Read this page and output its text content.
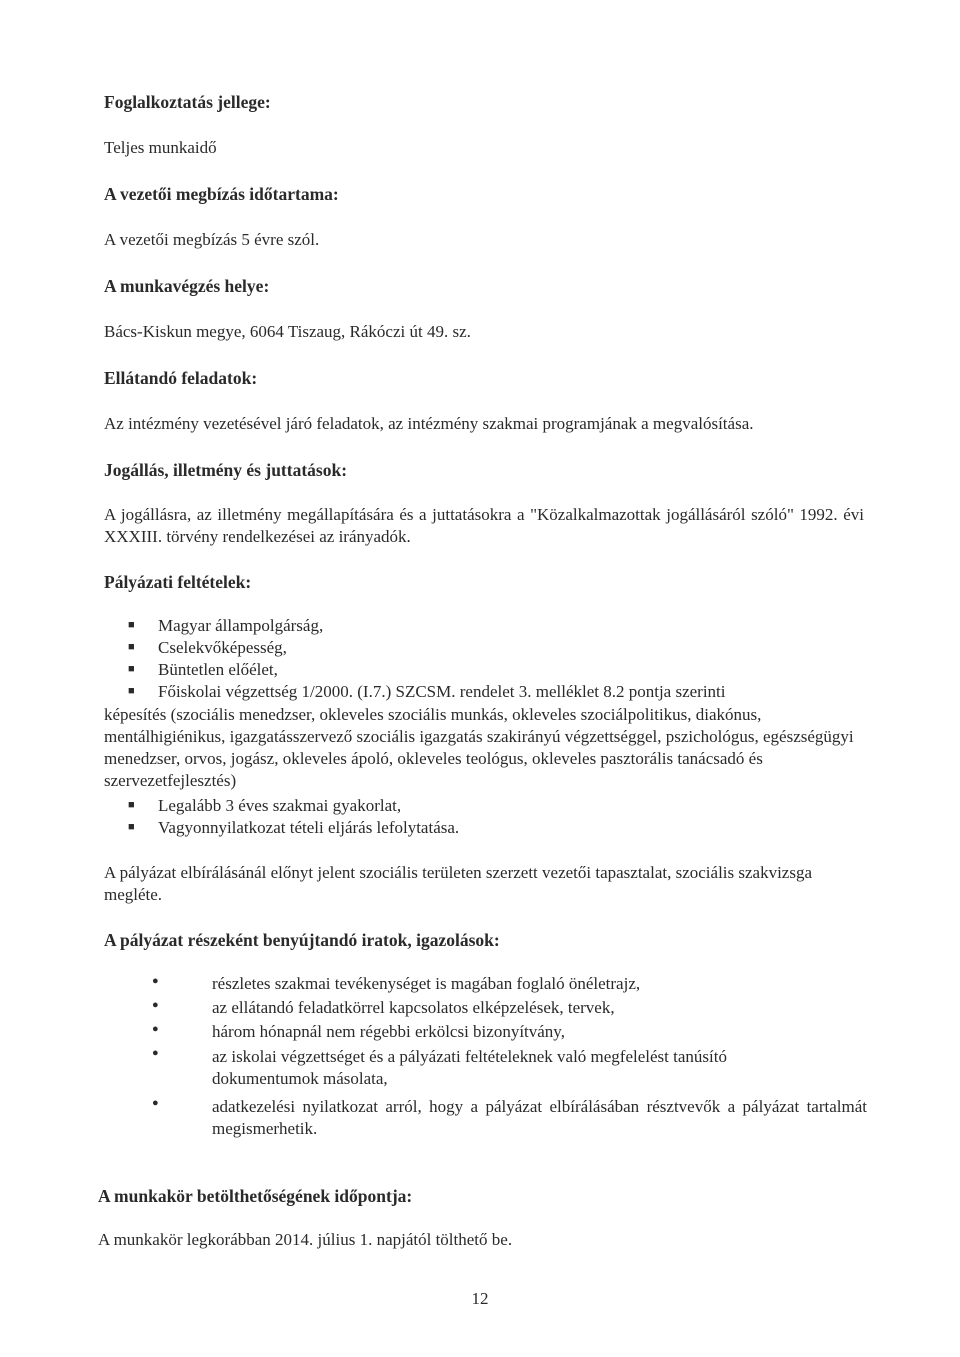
Foglalkoztatás jellege:
Teljes munkaidő
A vezetői megbízás időtartama:
A vezetői megbízás 5 évre szól.
A munkavégzés helye:
Bács-Kiskun megye, 6064 Tiszaug, Rákóczi út 49. sz.
Ellátandó feladatok:
Az intézmény vezetésével járó feladatok, az intézmény szakmai programjának a megvalósítása.
Jogállás, illetmény és juttatások:
A jogállásra, az illetmény megállapítására és a juttatásokra a "Közalkalmazottak jogállásáról szóló" 1992. évi XXXIII. törvény rendelkezései az irányadók.
Pályázati feltételek:
■ Magyar állampolgárság,
■ Cselekvőképesség,
■ Büntetlen előélet,
■ Főiskolai végzettség 1/2000. (I.7.) SZCSM. rendelet 3. melléklet 8.2 pontja szerinti
képesítés (szociális menedzser, okleveles szociális munkás, okleveles szociálpolitikus, diakónus, mentálhigiénikus, igazgatásszervező szociális igazgatás szakirányú végzettséggel, pszichológus, egészségügyi menedzser, orvos, jogász, okleveles ápoló, okleveles teológus, okleveles pasztorális tanácsadó és szervezetfejlesztés)
■ Legalább 3 éves szakmai gyakorlat,
■ Vagyonnyilatkozat tételi eljárás lefolytatása.
A pályázat elbírálásánál előnyt jelent szociális területen szerzett vezetői tapasztalat, szociális szakvizsga megléte.
A pályázat részeként benyújtandó iratok, igazolások:
●	részletes szakmai tevékenységet is magában foglaló önéletrajz,
●	az ellátandó feladatkörrel kapcsolatos elképzelések, tervek,
●	három hónapnál nem régebbi erkölcsi bizonyítvány,
●	az iskolai végzettséget és a pályázati feltételeknek való megfelelést tanúsító dokumentumok másolata,
●	adatkezelési nyilatkozat arról, hogy a pályázat elbírálásában résztvevők a pályázat tartalmát megismerhetik.
A munkakör betölthetőségének időpontja:
A munkakör legkorábban 2014. július 1. napjától tölthető be.
12
